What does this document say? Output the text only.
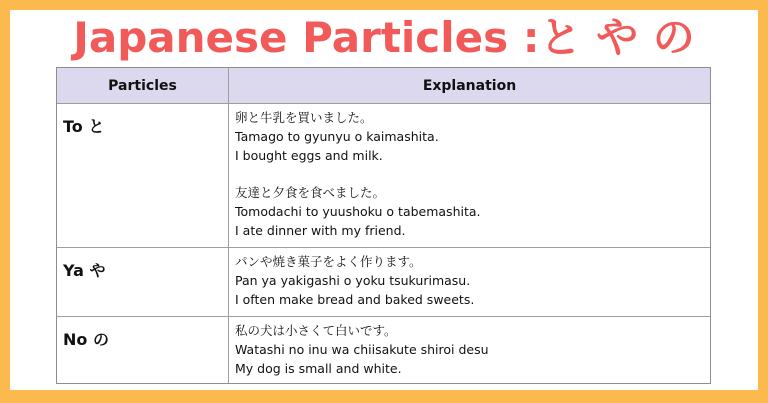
Japanese Particles :と や の
Particles	Explanation
To と	卵と牛乳を買いました。
Tamago to gyunyu o kaimashita.
I bought eggs and milk.
友達と夕食を食べました。
Tomodachi to yuushoku o tabemashita.
I ate dinner with my friend.
Ya や	パンや焼き菓子をよく作ります。
Pan ya yakigashi o yoku tsukurimasu.
I often make bread and baked sweets.
No の	私の犬は小さくて白いです。
Watashi no inu wa chiisakute shiroi desu
My dog is small and white.
